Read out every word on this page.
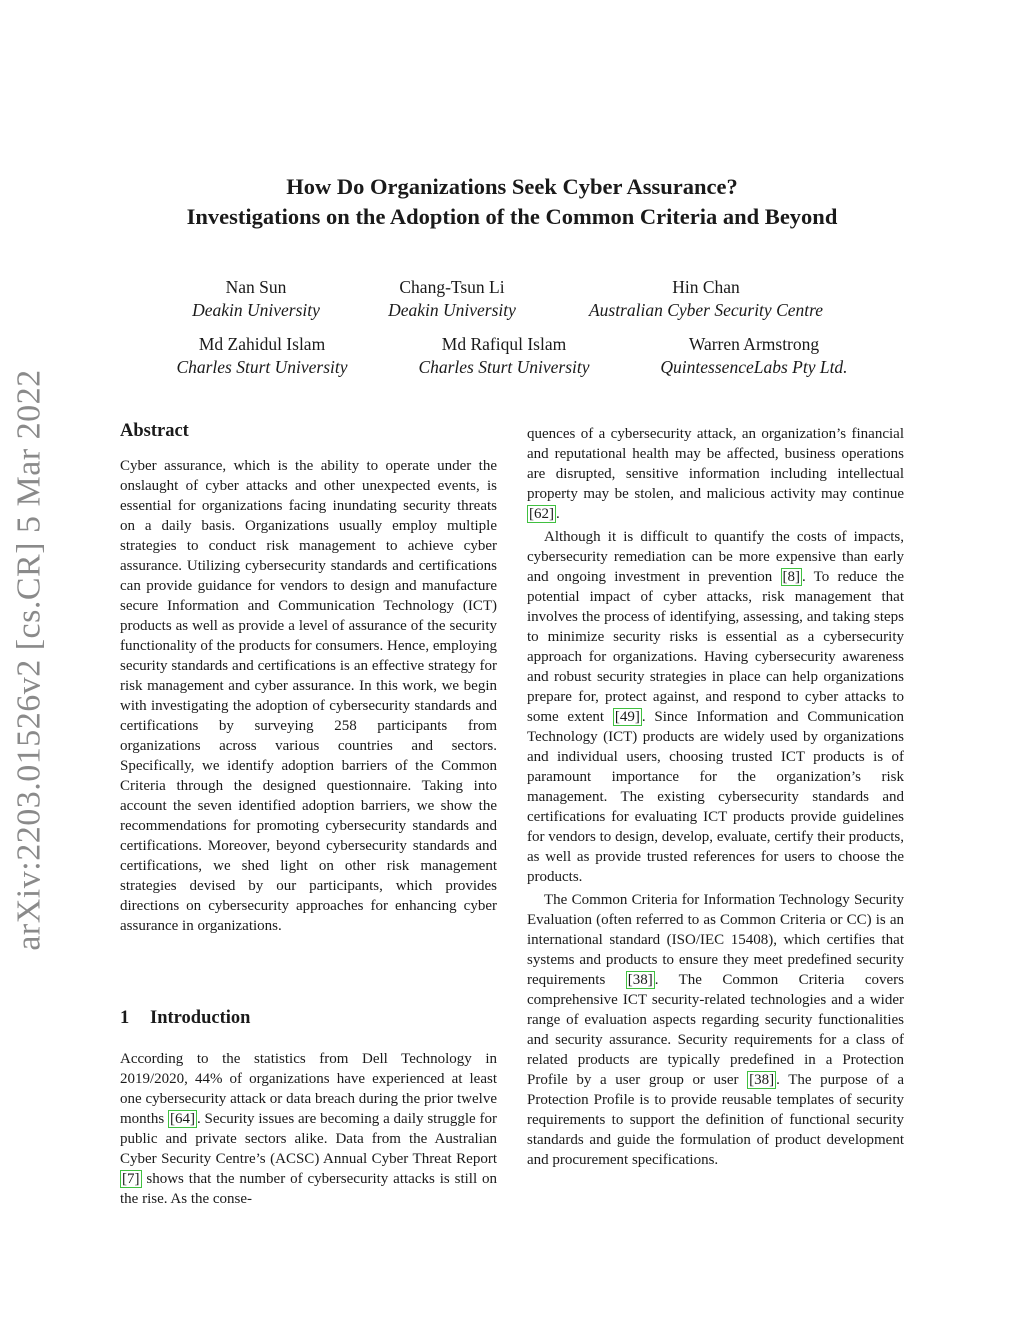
arXiv:2203.01526v2 [cs.CR] 5 Mar 2022
How Do Organizations Seek Cyber Assurance?
Investigations on the Adoption of the Common Criteria and Beyond
Nan Sun
Deakin University
Chang-Tsun Li
Deakin University
Hin Chan
Australian Cyber Security Centre
Md Zahidul Islam
Charles Sturt University
Md Rafiqul Islam
Charles Sturt University
Warren Armstrong
QuintessenceLabs Pty Ltd.
Abstract

Cyber assurance, which is the ability to operate under the onslaught of cyber attacks and other unexpected events, is essential for organizations facing inundating security threats on a daily basis. Organizations usually employ multiple strategies to conduct risk management to achieve cyber assurance. Utilizing cybersecurity standards and certifications can provide guidance for vendors to design and manufacture secure Information and Communication Technology (ICT) products as well as provide a level of assurance of the security functionality of the products for consumers. Hence, employing security standards and certifications is an effective strategy for risk management and cyber assurance. In this work, we begin with investigating the adoption of cybersecurity standards and certifications by surveying 258 participants from organizations across various countries and sectors. Specifically, we identify adoption barriers of the Common Criteria through the designed questionnaire. Taking into account the seven identified adoption barriers, we show the recommendations for promoting cybersecurity standards and certifications. Moreover, beyond cybersecurity standards and certifications, we shed light on other risk management strategies devised by our participants, which provides directions on cybersecurity approaches for enhancing cyber assurance in organizations.

1 Introduction

According to the statistics from Dell Technology in 2019/2020, 44% of organizations have experienced at least one cybersecurity attack or data breach during the prior twelve months [64] . Security issues are becoming a daily struggle for public and private sectors alike. Data from the Australian Cyber Security Centre’s (ACSC) Annual Cyber Threat Report [7] shows that the number of cybersecurity attacks is still on the rise. As the conse-

quences of a cybersecurity attack, an organization’s financial and reputational health may be affected, business operations are disrupted, sensitive information including intellectual property may be stolen, and malicious activity may continue [62] .

Although it is difficult to quantify the costs of impacts, cybersecurity remediation can be more expensive than early and ongoing investment in prevention [8] . To reduce the potential impact of cyber attacks, risk management that involves the process of identifying, assessing, and taking steps to minimize security risks is essential as a cybersecurity approach for organizations. Having cybersecurity awareness and robust security strategies in place can help organizations prepare for, protect against, and respond to cyber attacks to some extent [49] . Since Information and Communication Technology (ICT) products are widely used by organizations and individual users, choosing trusted ICT products is of paramount importance for the organization’s risk management. The existing cybersecurity standards and certifications for evaluating ICT products provide guidelines for vendors to design, develop, evaluate, certify their products, as well as provide trusted references for users to choose the products.

The Common Criteria for Information Technology Security Evaluation (often referred to as Common Criteria or CC) is an international standard (ISO/IEC 15408), which certifies that systems and products to ensure they meet predefined security requirements [38] . The Common Criteria covers comprehensive ICT security-related technologies and a wider range of evaluation aspects regarding security functionalities and security assurance. Security requirements for a class of related products are typically predefined in a Protection Profile by a user group or user [38] . The purpose of a Protection Profile is to provide reusable templates of security requirements to support the definition of functional security standards and guide the formulation of product development and procurement specifications.
